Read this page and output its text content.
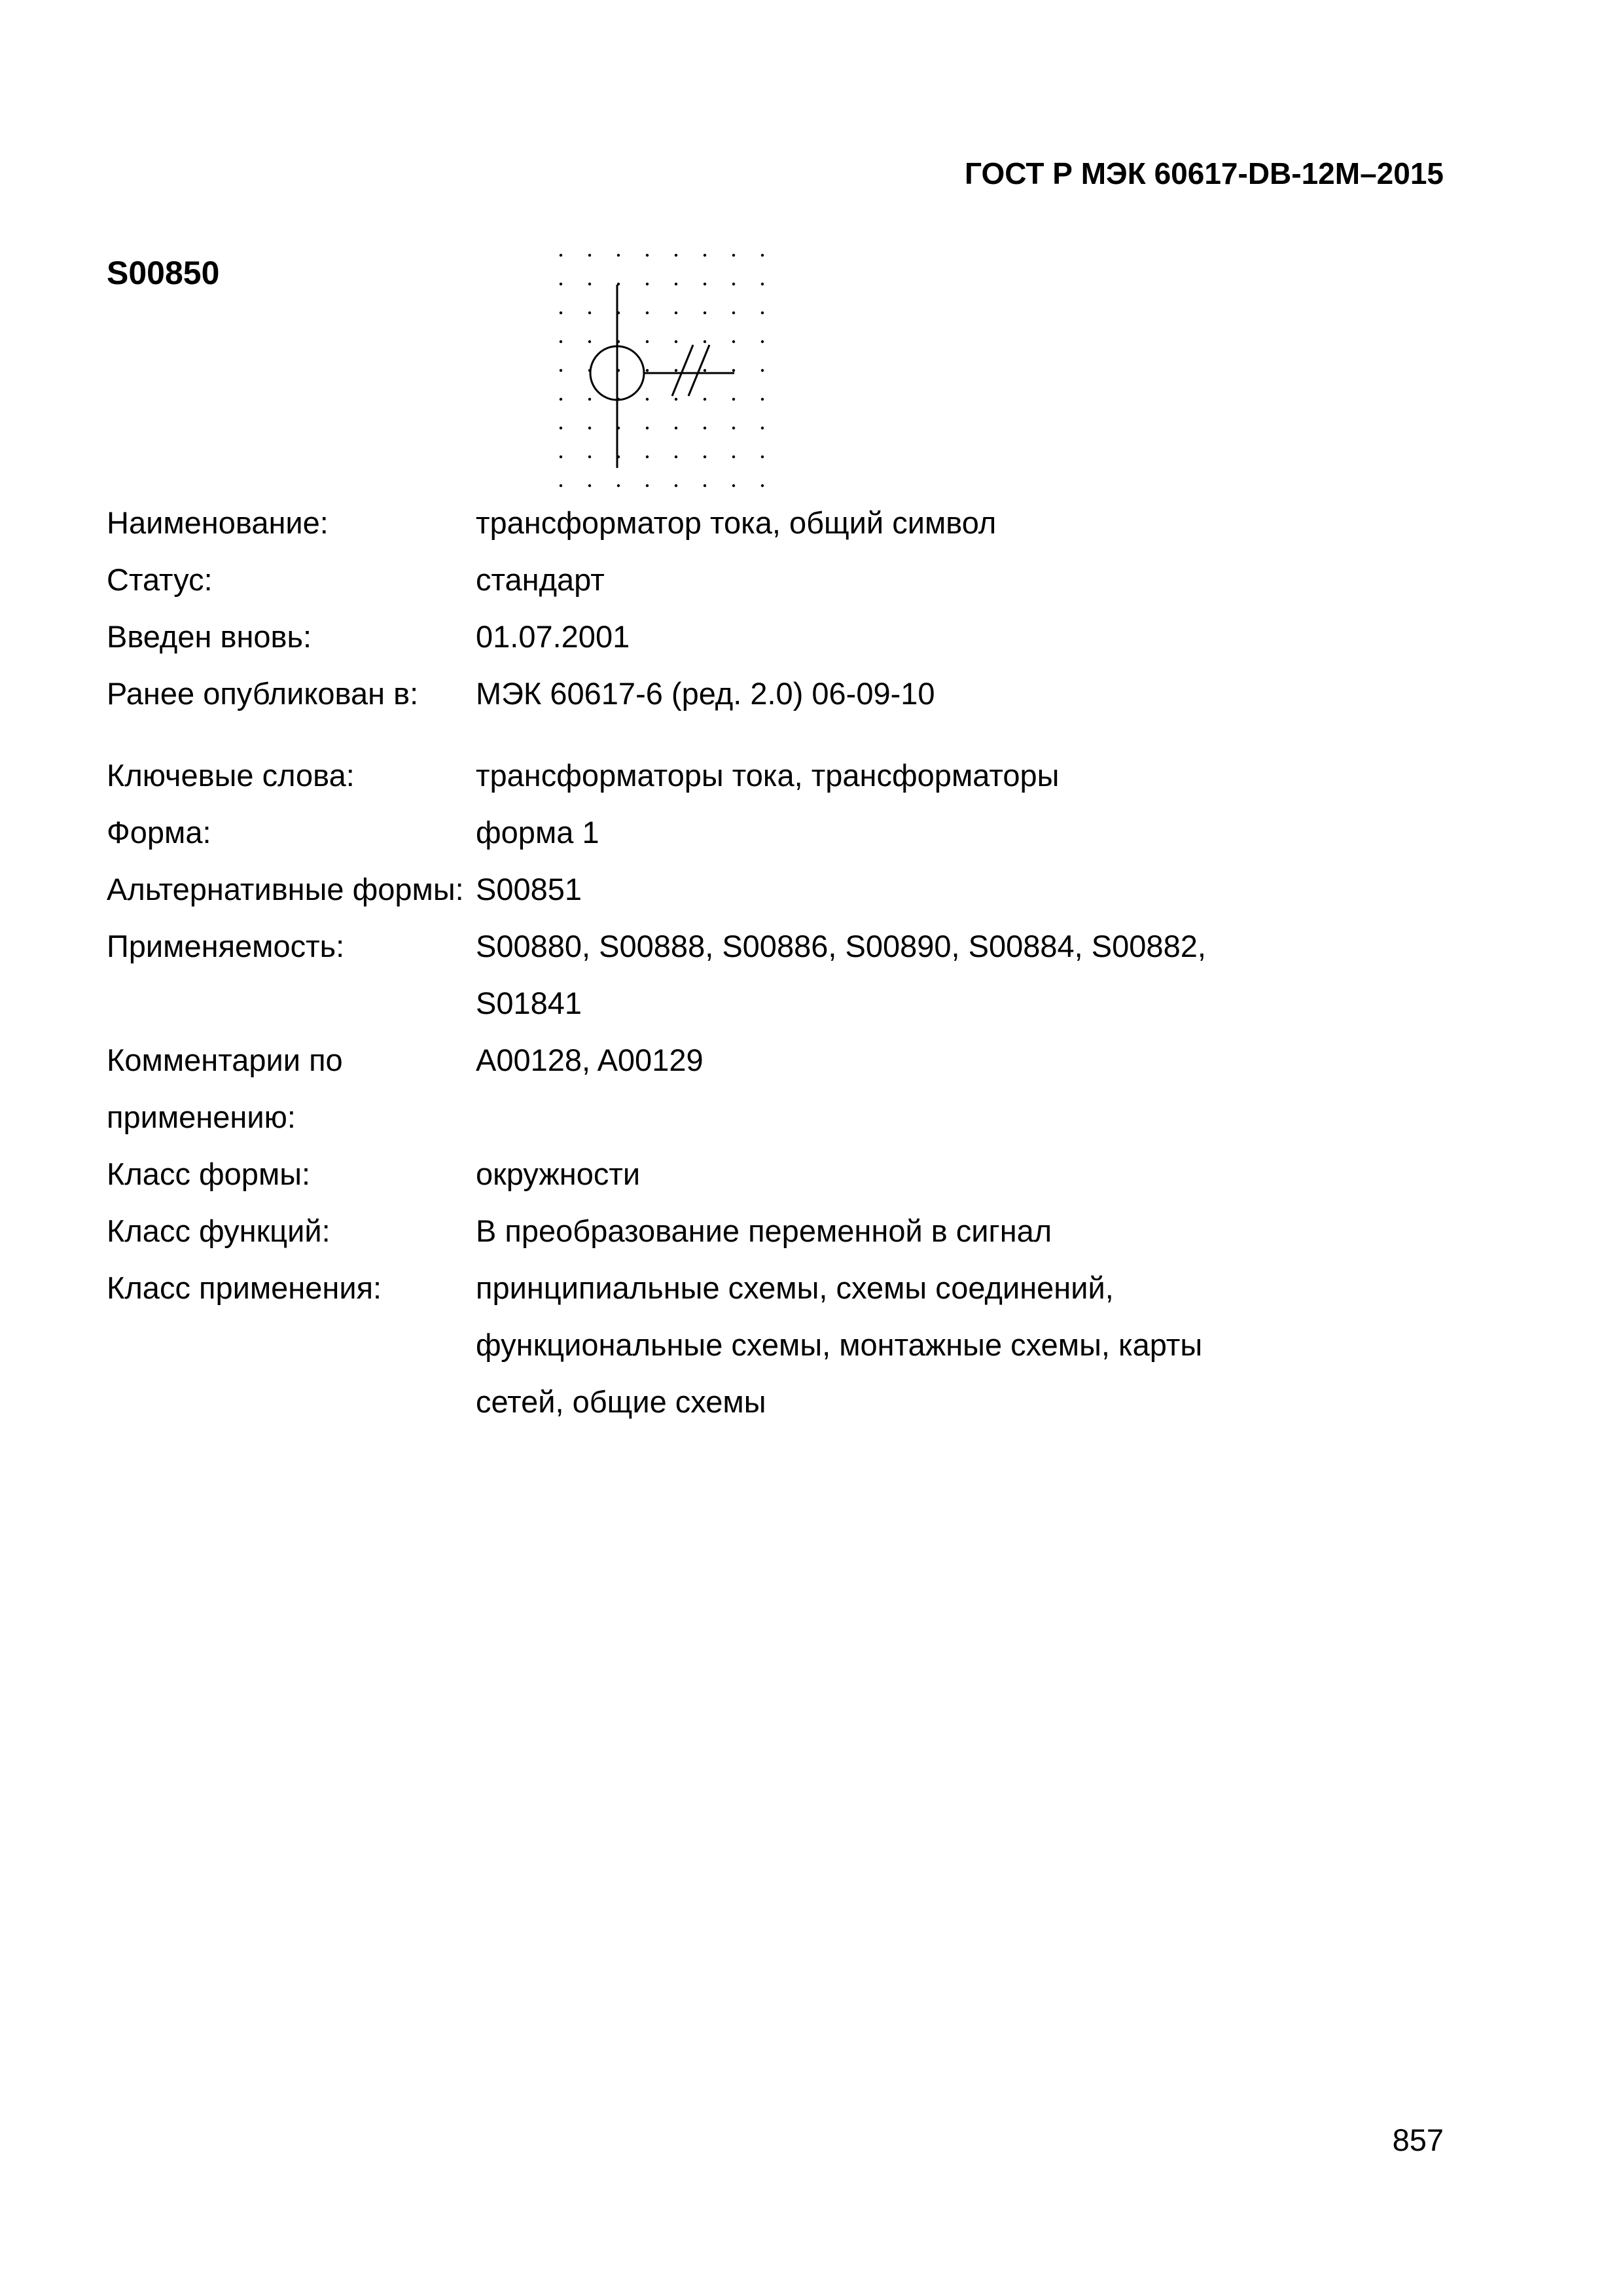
ГОСТ Р МЭК 60617-DB-12M–2015
S00850
Наименование:	трансформатор тока, общий символ
Статус:	стандарт
Введен вновь:	01.07.2001
Ранее опубликован в:	МЭК 60617-6 (ред. 2.0) 06-09-10
Ключевые слова:	трансформаторы тока, трансформаторы
Форма:	форма 1
Альтернативные формы: S00851
Применяемость:	S00880, S00888, S00886, S00890, S00884, S00882, S01841
Комментарии по применению:
A00128, A00129
Класс формы:	окружности
Класс функций:	B преобразование переменной в сигнал
Класс применения:	принципиальные схемы, схемы соединений, функциональные схемы, монтажные схемы, карты сетей, общие схемы
857
